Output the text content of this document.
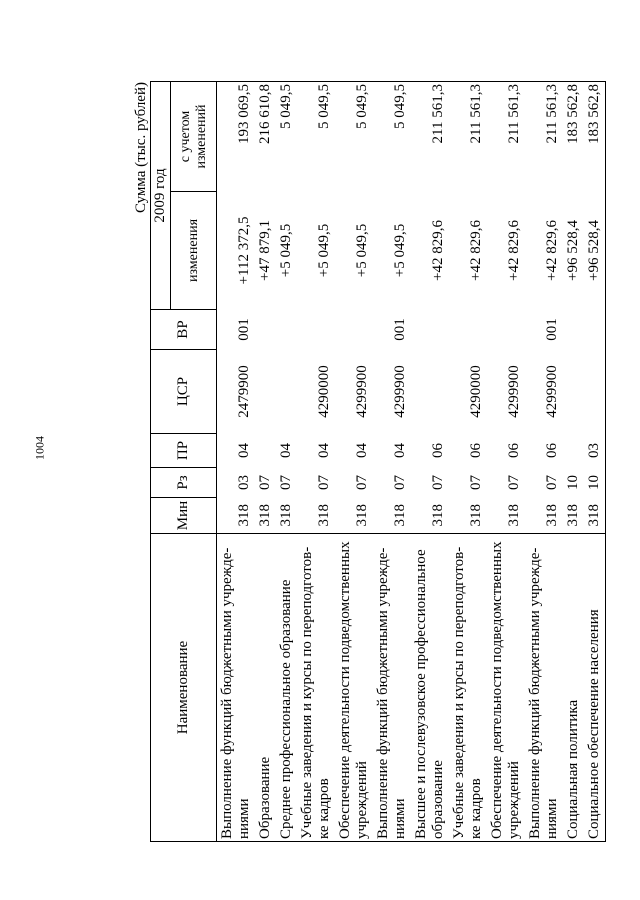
1004
Сумма (тыс. рублей)
Наименование	Мин	Рз	ПР	ЦСР	ВР	2009 год	
						изменения	с учетом изменений
Выполнение функций бюджетными учрежде-ниями	318	03	04	2479900	001	+112 372,5	193 069,5
Образование	318	07				+47 879,1	216 610,8
Среднее профессиональное образование	318	07	04			+5 049,5	5 049,5
Учебные заведения и курсы по переподготов-ке кадров	318	07	04	4290000		+5 049,5	5 049,5
Обеспечение деятельности подведомственных учреждений	318	07	04	4299900		+5 049,5	5 049,5
Выполнение функций бюджетными учрежде-ниями	318	07	04	4299900	001	+5 049,5	5 049,5
Высшее и послевузовское профессиональное образование	318	07	06			+42 829,6	211 561,3
Учебные заведения и курсы по переподготов-ке кадров	318	07	06	4290000		+42 829,6	211 561,3
Обеспечение деятельности подведомственных учреждений	318	07	06	4299900		+42 829,6	211 561,3
Выполнение функций бюджетными учрежде-ниями	318	07	06	4299900	001	+42 829,6	211 561,3
Социальная политика	318	10				+96 528,4	183 562,8
Социальное обеспечение населения	318	10	03			+96 528,4	183 562,8
